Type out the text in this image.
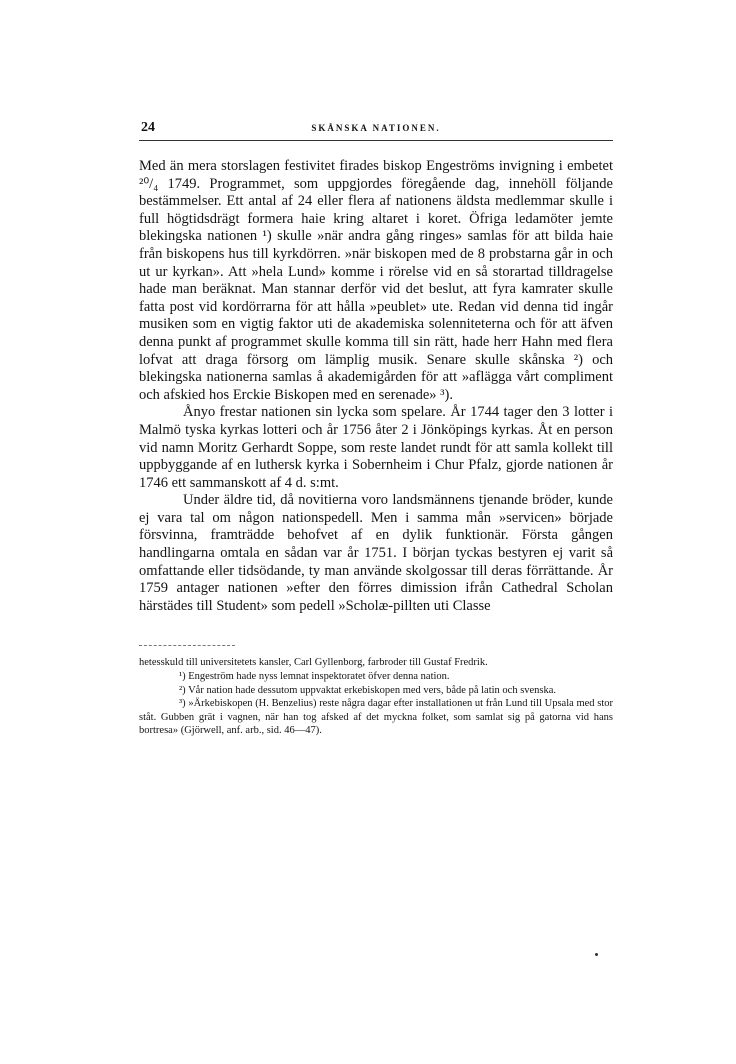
24	SKÅNSKA NATIONEN.

Med än mera storslagen festivitet firades biskop Engeströms invigning i embetet ²⁰/₄ 1749. Programmet, som uppgjordes föregående dag, innehöll följande bestämmelser. Ett antal af 24 eller flera af nationens äldsta medlemmar skulle i full högtidsdrägt formera haie kring altaret i koret. Öfriga ledamöter jemte blekingska nationen ¹) skulle »när andra gång ringes» samlas för att bilda haie från biskopens hus till kyrkdörren. »när biskopen med de 8 probstarna går in och ut ur kyrkan». Att »hela Lund» komme i rörelse vid en så storartad tilldragelse hade man beräknat. Man stannar derför vid det beslut, att fyra kamrater skulle fatta post vid kordörrarna för att hålla »peublet» ute. Redan vid denna tid ingår musiken som en vigtig faktor uti de akademiska solenniteterna och för att äfven denna punkt af programmet skulle komma till sin rätt, hade herr Hahn med flera lofvat att draga försorg om lämplig musik. Senare skulle skånska ²) och blekingska nationerna samlas å akademigården för att »aflägga vårt compliment och afskied hos Erckie Biskopen med en serenade» ³).

Ånyo frestar nationen sin lycka som spelare. År 1744 tager den 3 lotter i Malmö tyska kyrkas lotteri och år 1756 åter 2 i Jönköpings kyrkas. Åt en person vid namn Moritz Gerhardt Soppe, som reste landet rundt för att samla kollekt till uppbyggande af en luthersk kyrka i Sobernheim i Chur Pfalz, gjorde nationen år 1746 ett sammanskott af 4 d. s:mt.

Under äldre tid, då novitierna voro landsmännens tjenande bröder, kunde ej vara tal om någon nationspedell. Men i samma mån »servicen» började försvinna, framträdde behofvet af en dylik funktionär. Första gången handlingarna omtala en sådan var år 1751. I början tyckas bestyren ej varit så omfattande eller tidsödande, ty man använde skolgossar till deras förrättande. År 1759 antager nationen »efter den förres dimission ifrån Cathedral Scholan härstädes till Student» som pedell »Scholæ-pillten uti Classe

hetesskuld till universitetets kansler, Carl Gyllenborg, farbroder till Gustaf Fredrik.

¹) Engeström hade nyss lemnat inspektoratet öfver denna nation.

²) Vår nation hade dessutom uppvaktat erkebiskopen med vers, både på latin och svenska.

³) »Ärkebiskopen (H. Benzelius) reste några dagar efter installationen ut från Lund till Upsala med stor ståt. Gubben grät i vagnen, när han tog afsked af det myckna folket, som samlat sig på gatorna vid hans bortresa» (Gjörwell, anf. arb., sid. 46—47).
